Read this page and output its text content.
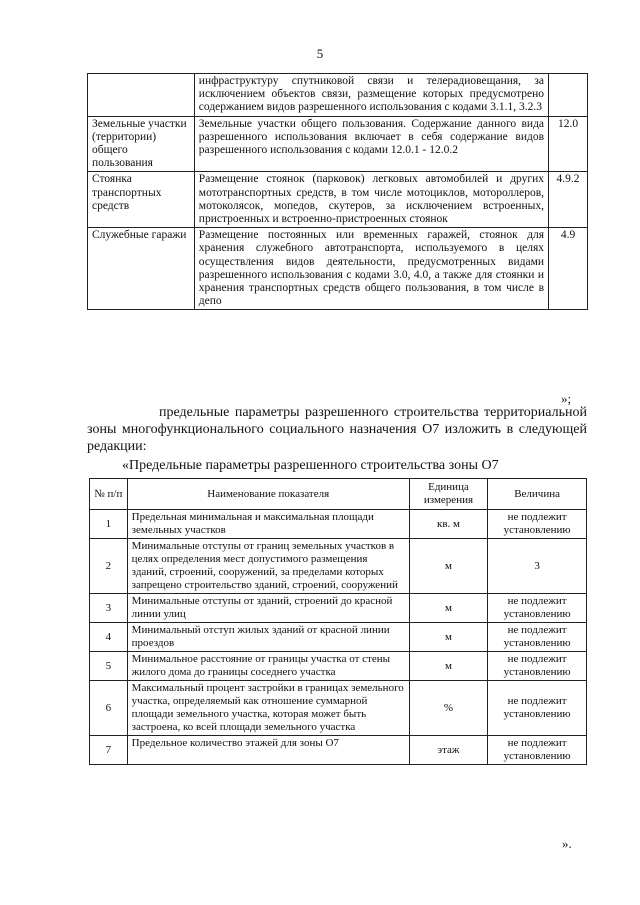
5
	инфраструктуру спутниковой связи и телерадиовещания, за исключением объектов связи, размещение которых предусмотрено содержанием видов разрешенного использования с кодами 3.1.1, 3.2.3	
Земельные участки (территории) общего пользования	Земельные участки общего пользования. Содержание данного вида разрешенного использования включает в себя содержание видов разрешенного использования с кодами 12.0.1 - 12.0.2	12.0
Стоянка транспортных средств	Размещение стоянок (парковок) легковых автомобилей и других мототранспортных средств, в том числе мотоциклов, мотороллеров, мотоколясок, мопедов, скутеров, за исключением встроенных, пристроенных и встроенно-пристроенных стоянок	4.9.2
Служебные гаражи	Размещение постоянных или временных гаражей, стоянок для хранения служебного автотранспорта, используемого в целях осуществления видов деятельности, предусмотренных видами разрешенного использования с кодами 3.0, 4.0, а также для стоянки и хранения транспортных средств общего пользования, в том числе в депо	4.9
»;
предельные параметры разрешенного строительства территориальной зоны многофункционального социального назначения О7 изложить в следующей редакции:
«Предельные параметры разрешенного строительства зоны О7
№ п/п	Наименование показателя	Единица измерения	Величина
1	Предельная минимальная и максимальная площади земельных участков	кв. м	не подлежит установлению
2	Минимальные отступы от границ земельных участков в целях определения мест допустимого размещения зданий, строений, сооружений, за пределами которых запрещено строительство зданий, строений, сооружений	м	3
3	Минимальные отступы от зданий, строений до красной линии улиц	м	не подлежит установлению
4	Минимальный отступ жилых зданий от красной линии проездов	м	не подлежит установлению
5	Минимальное расстояние от границы участка от стены жилого дома до границы соседнего участка	м	не подлежит установлению
6	Максимальный процент застройки в границах земельного участка, определяемый как отношение суммарной площади земельного участка, которая может быть застроена, ко всей площади земельного участка	%	не подлежит установлению
7	Предельное количество этажей для зоны О7	этаж	не подлежит установлению
».
